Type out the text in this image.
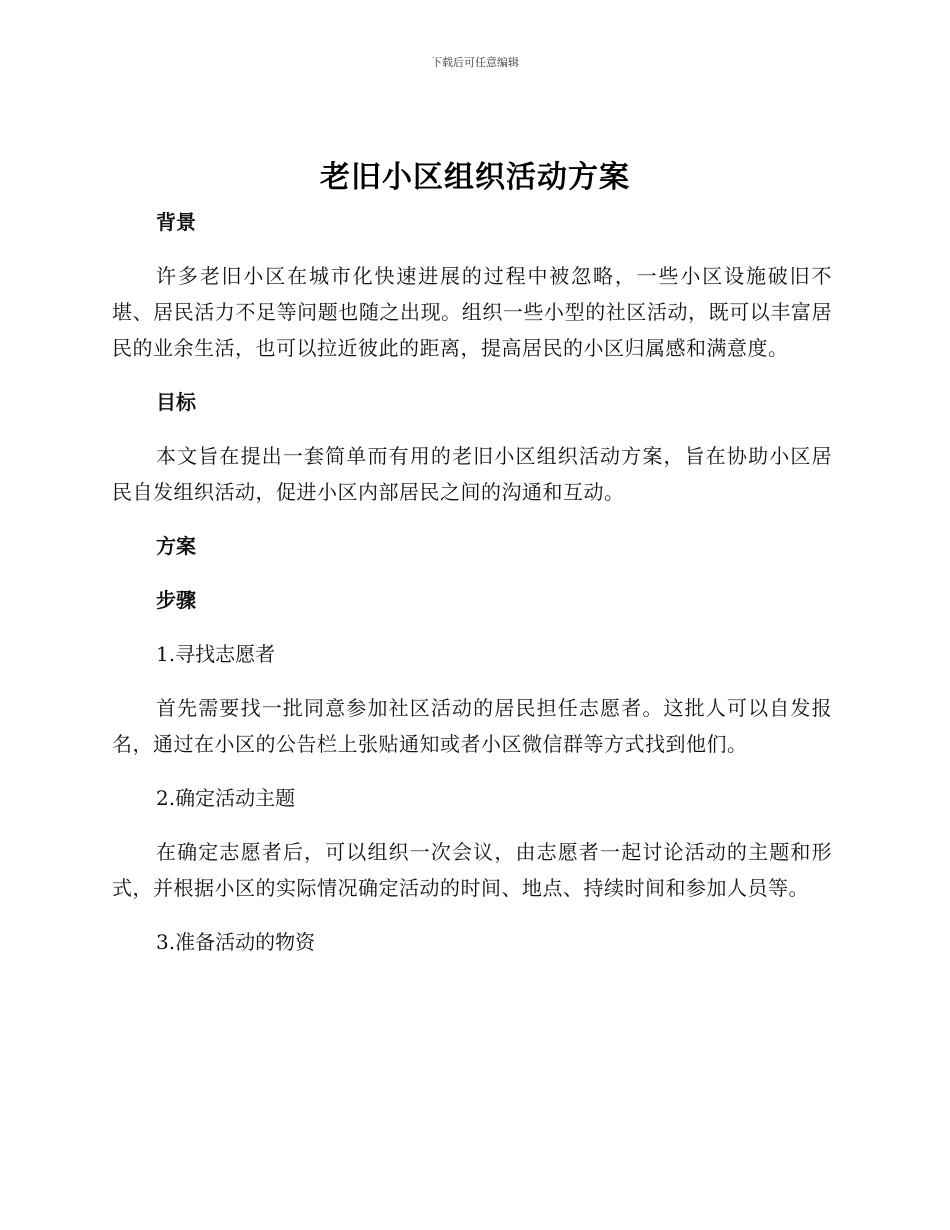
下载后可任意编辑
老旧小区组织活动方案

背景

许多老旧小区在城市化快速进展的过程中被忽略，一些小区设施破旧不堪、居民活力不足等问题也随之出现。组织一些小型的社区活动，既可以丰富居民的业余生活，也可以拉近彼此的距离，提高居民的小区归属感和满意度。

目标

本文旨在提出一套简单而有用的老旧小区组织活动方案，旨在协助小区居民自发组织活动，促进小区内部居民之间的沟通和互动。

方案

步骤

1.寻找志愿者

首先需要找一批同意参加社区活动的居民担任志愿者。这批人可以自发报名，通过在小区的公告栏上张贴通知或者小区微信群等方式找到他们。

2.确定活动主题

在确定志愿者后，可以组织一次会议，由志愿者一起讨论活动的主题和形式，并根据小区的实际情况确定活动的时间、地点、持续时间和参加人员等。

3.准备活动的物资
